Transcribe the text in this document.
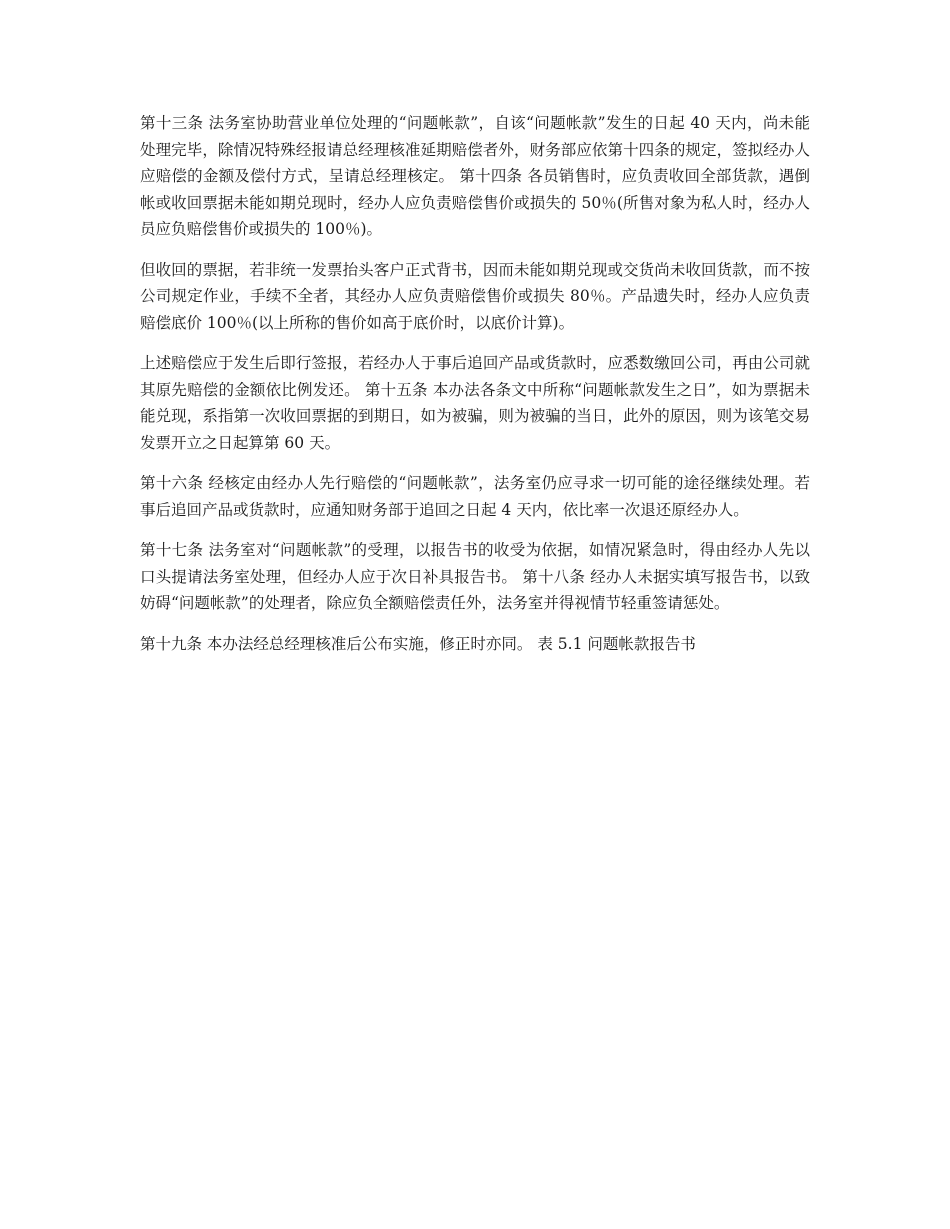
第十三条 法务室协助营业单位处理的“问题帐款”，自该“问题帐款”发生的日起 40 天内，尚未能处理完毕，除情况特殊经报请总经理核准延期赔偿者外，财务部应依第十四条的规定，签拟经办人应赔偿的金额及偿付方式，呈请总经理核定。 第十四条 各员销售时，应负责收回全部货款，遇倒帐或收回票据未能如期兑现时，经办人应负责赔偿售价或损失的 50％(所售对象为私人时，经办人员应负赔偿售价或损失的 100％)。

但收回的票据，若非统一发票抬头客户正式背书，因而未能如期兑现或交货尚未收回货款，而不按公司规定作业，手续不全者，其经办人应负责赔偿售价或损失 80％。产品遗失时，经办人应负责赔偿底价 100％(以上所称的售价如高于底价时，以底价计算)。

上述赔偿应于发生后即行签报，若经办人于事后追回产品或货款时，应悉数缴回公司，再由公司就其原先赔偿的金额依比例发还。 第十五条 本办法各条文中所称“问题帐款发生之日”，如为票据未能兑现，系指第一次收回票据的到期日，如为被骗，则为被骗的当日，此外的原因，则为该笔交易发票开立之日起算第 60 天。

第十六条 经核定由经办人先行赔偿的“问题帐款”，法务室仍应寻求一切可能的途径继续处理。若事后追回产品或货款时，应通知财务部于追回之日起 4 天内，依比率一次退还原经办人。

第十七条 法务室对“问题帐款”的受理，以报告书的收受为依据，如情况紧急时，得由经办人先以口头提请法务室处理，但经办人应于次日补具报告书。 第十八条 经办人未据实填写报告书，以致妨碍“问题帐款”的处理者，除应负全额赔偿责任外，法务室并得视情节轻重签请惩处。

第十九条 本办法经总经理核准后公布实施，修正时亦同。 表 5.1 问题帐款报告书
